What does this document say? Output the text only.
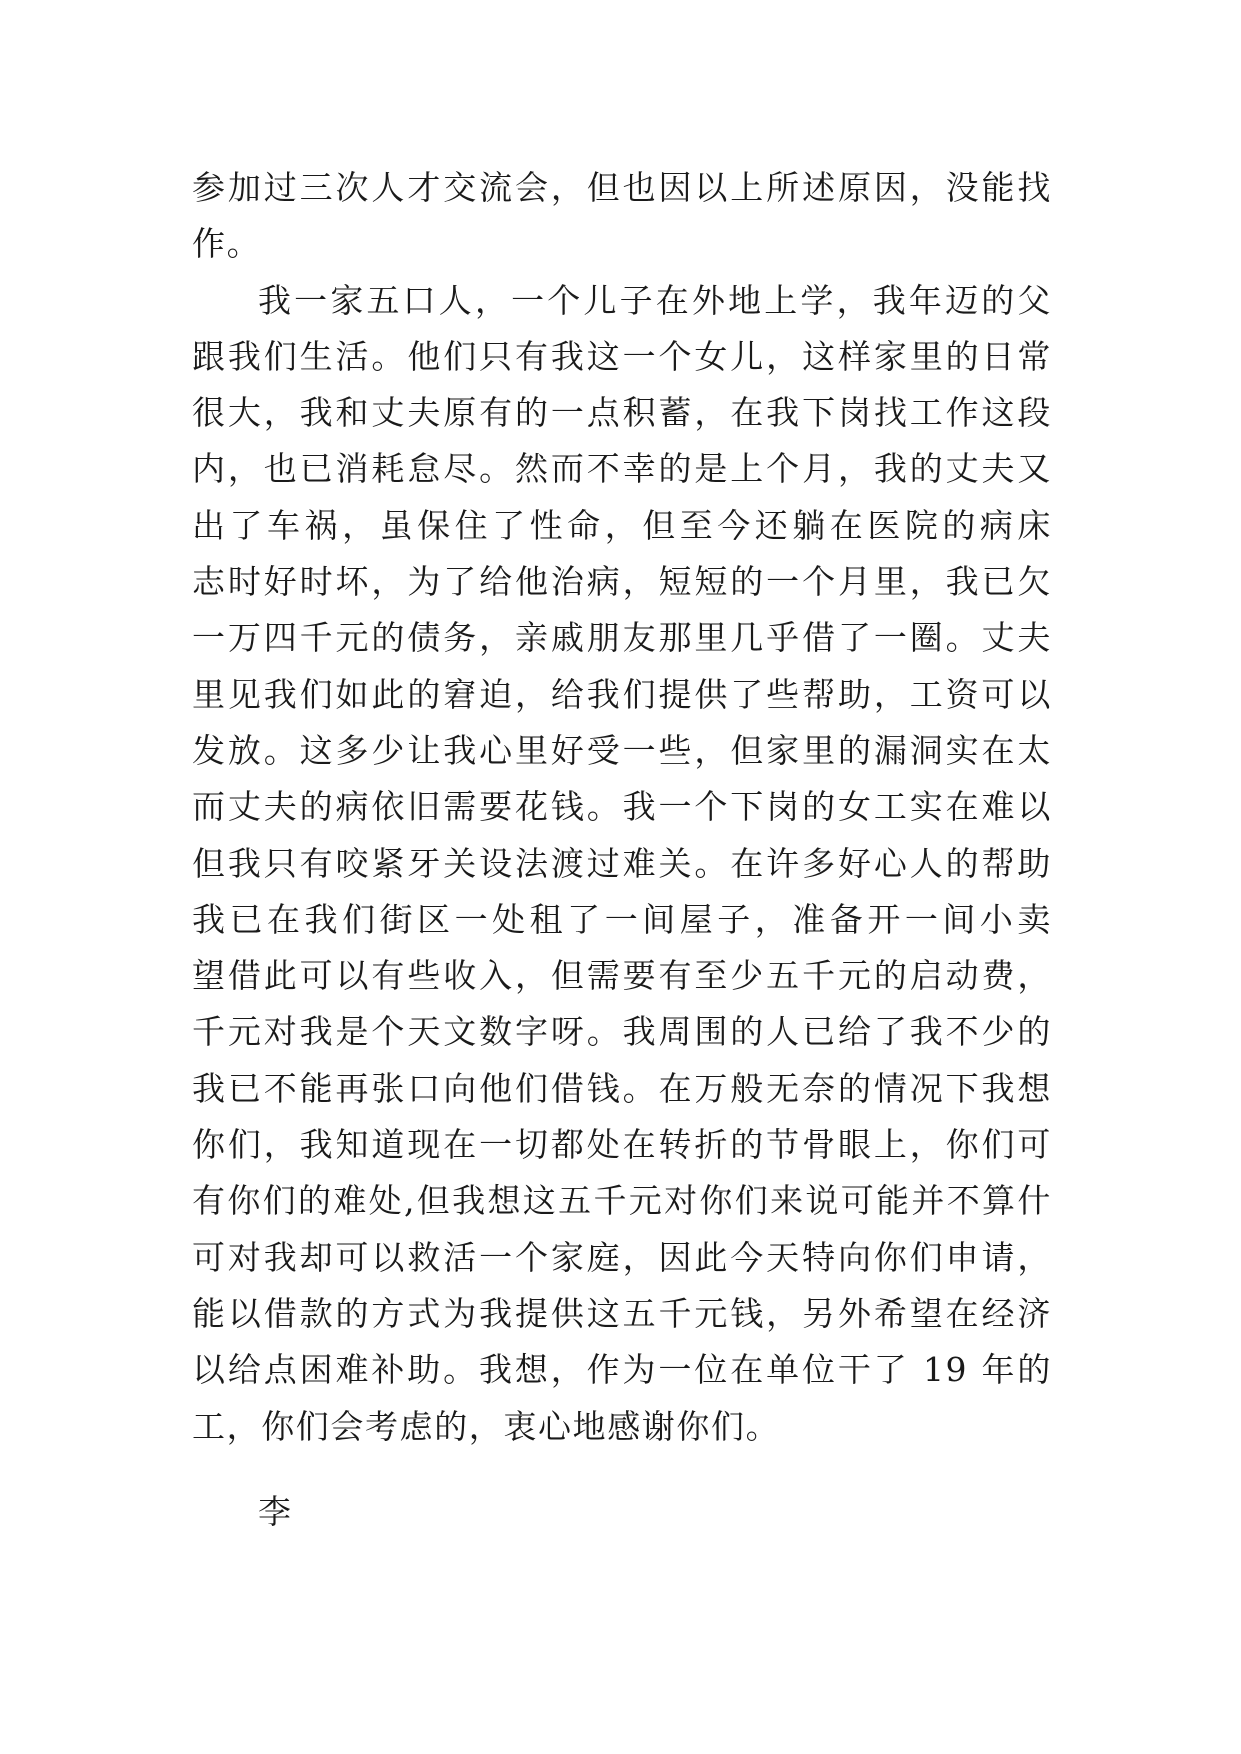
参加过三次人才交流会，但也因以上所述原因，没能找
作。
我一家五口人，一个儿子在外地上学，我年迈的父
跟我们生活。他们只有我这一个女儿，这样家里的日常
很大，我和丈夫原有的一点积蓄，在我下岗找工作这段
内，也已消耗怠尽。然而不幸的是上个月，我的丈夫又
出了车祸，虽保住了性命，但至今还躺在医院的病床
志时好时坏，为了给他治病，短短的一个月里，我已欠
一万四千元的债务，亲戚朋友那里几乎借了一圈。丈夫
里见我们如此的窘迫，给我们提供了些帮助，工资可以
发放。这多少让我心里好受一些，但家里的漏洞实在太
而丈夫的病依旧需要花钱。我一个下岗的女工实在难以
但我只有咬紧牙关设法渡过难关。在许多好心人的帮助
我已在我们街区一处租了一间屋子，准备开一间小卖
望借此可以有些收入，但需要有至少五千元的启动费，
千元对我是个天文数字呀。我周围的人已给了我不少的
我已不能再张口向他们借钱。在万般无奈的情况下我想
你们，我知道现在一切都处在转折的节骨眼上，你们可
有你们的难处,但我想这五千元对你们来说可能并不算什
可对我却可以救活一个家庭，因此今天特向你们申请，
能以借款的方式为我提供这五千元钱，另外希望在经济
以给点困难补助。我想，作为一位在单位干了 19 年的
工，你们会考虑的，衷心地感谢你们。
李
